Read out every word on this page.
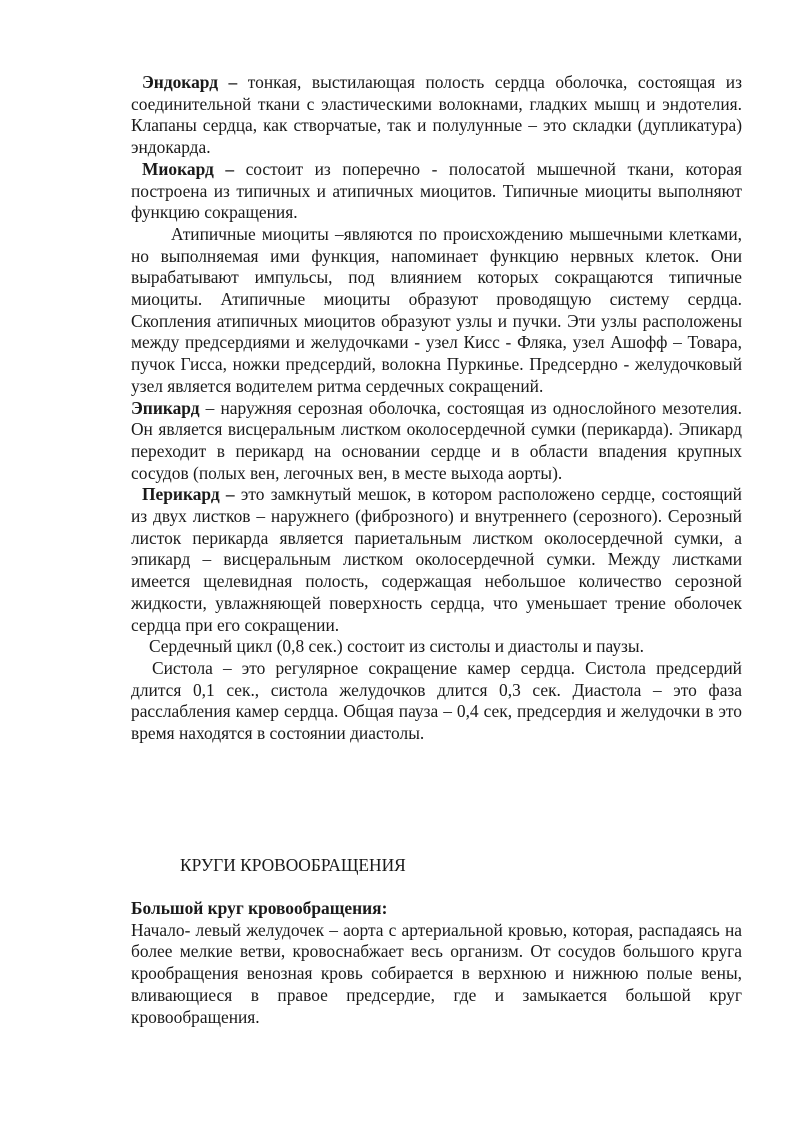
Эндокард – тонкая, выстилающая полость сердца оболочка, состоящая из соединительной ткани с эластическими волокнами, гладких мышц и эндотелия. Клапаны сердца, как створчатые, так и полулунные – это складки (дупликатура) эндокарда.

Миокард – состоит из поперечно - полосатой мышечной ткани, которая построена из типичных и атипичных миоцитов. Типичные миоциты выполняют функцию сокращения.

Атипичные миоциты –являются по происхождению мышечными клетками, но выполняемая ими функция, напоминает функцию нервных клеток. Они вырабатывают импульсы, под влиянием которых сокращаются типичные миоциты. Атипичные миоциты образуют проводящую систему сердца. Скопления атипичных миоцитов образуют узлы и пучки. Эти узлы расположены между предсердиями и желудочками - узел Кисс - Фляка, узел Ашофф – Товара, пучок Гисса, ножки предсердий, волокна Пуркинье. Предсердно - желудочковый узел является водителем ритма сердечных сокращений.

Эпикард – наружняя серозная оболочка, состоящая из однослойного мезотелия. Он является висцеральным листком околосердечной сумки (перикарда). Эпикард переходит в перикард на основании сердце и в области впадения крупных сосудов (полых вен, легочных вен, в месте выхода аорты).

Перикард – это замкнутый мешок, в котором расположено сердце, состоящий из двух листков – наружнего (фиброзного) и внутреннего (серозного). Серозный листок перикарда является париетальным листком околосердечной сумки, а эпикард – висцеральным листком околосердечной сумки. Между листками имеется щелевидная полость, содержащая небольшое количество серозной жидкости, увлажняющей поверхность сердца, что уменьшает трение оболочек сердца при его сокращении.

Сердечный цикл (0,8 сек.) состоит из систолы и диастолы и паузы.

Систола – это регулярное сокращение камер сердца. Систола предсердий длится 0,1 сек., систола желудочков длится 0,3 сек. Диастола – это фаза расслабления камер сердца. Общая пауза – 0,4 сек, предсердия и желудочки в это время находятся в состоянии диастолы.

КРУГИ КРОВООБРАЩЕНИЯ

Большой круг кровообращения:

Начало- левый желудочек – аорта с артериальной кровью, которая, распадаясь на более мелкие ветви, кровоснабжает весь организм. От сосудов большого круга крообращения венозная кровь собирается в верхнюю и нижнюю полые вены, вливающиеся в правое предсердие, где и замыкается большой круг кровообращения.
